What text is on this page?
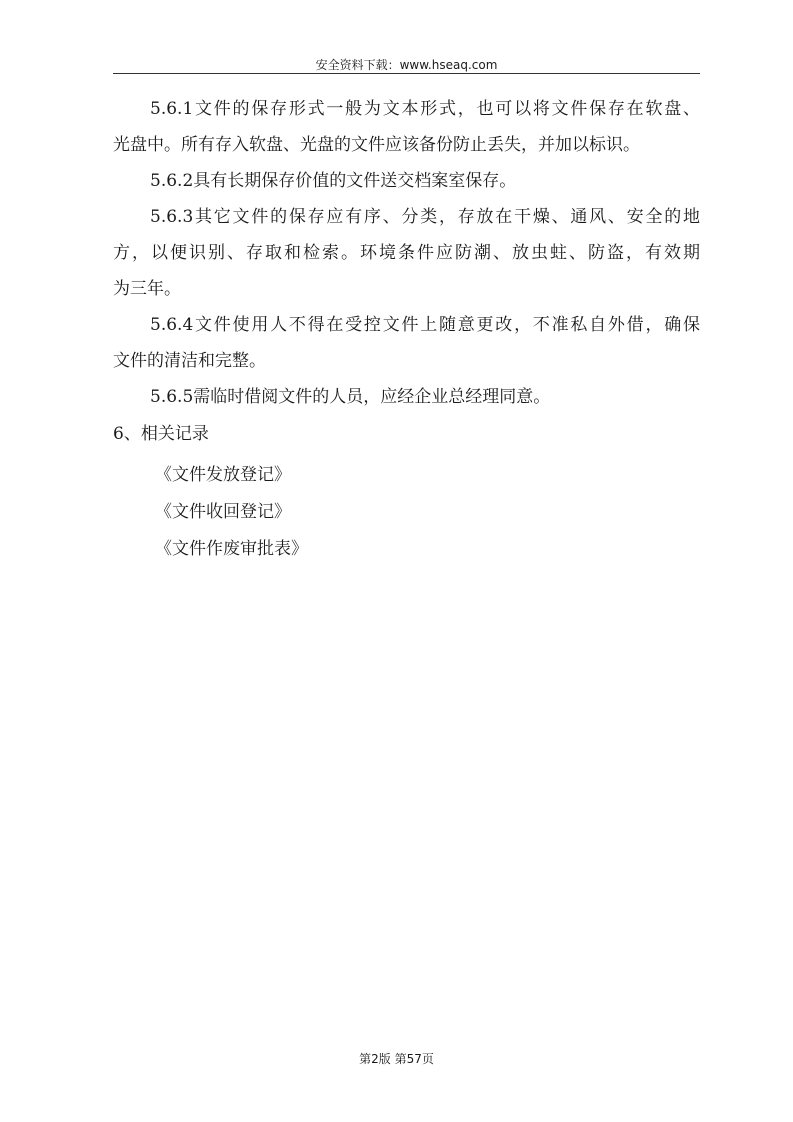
安全资料下载：www.hseaq.com
5.6.1文件的保存形式一般为文本形式，也可以将文件保存在软盘、
光盘中。所有存入软盘、光盘的文件应该备份防止丢失，并加以标识。
5.6.2具有长期保存价值的文件送交档案室保存。
5.6.3其它文件的保存应有序、分类，存放在干燥、通风、安全的地
方，以便识别、存取和检索。环境条件应防潮、放虫蛀、防盗，有效期
为三年。
5.6.4文件使用人不得在受控文件上随意更改，不准私自外借，确保
文件的清洁和完整。
5.6.5需临时借阅文件的人员，应经企业总经理同意。
6、相关记录
《文件发放登记》
《文件收回登记》
《文件作废审批表》
第2版 第57页
